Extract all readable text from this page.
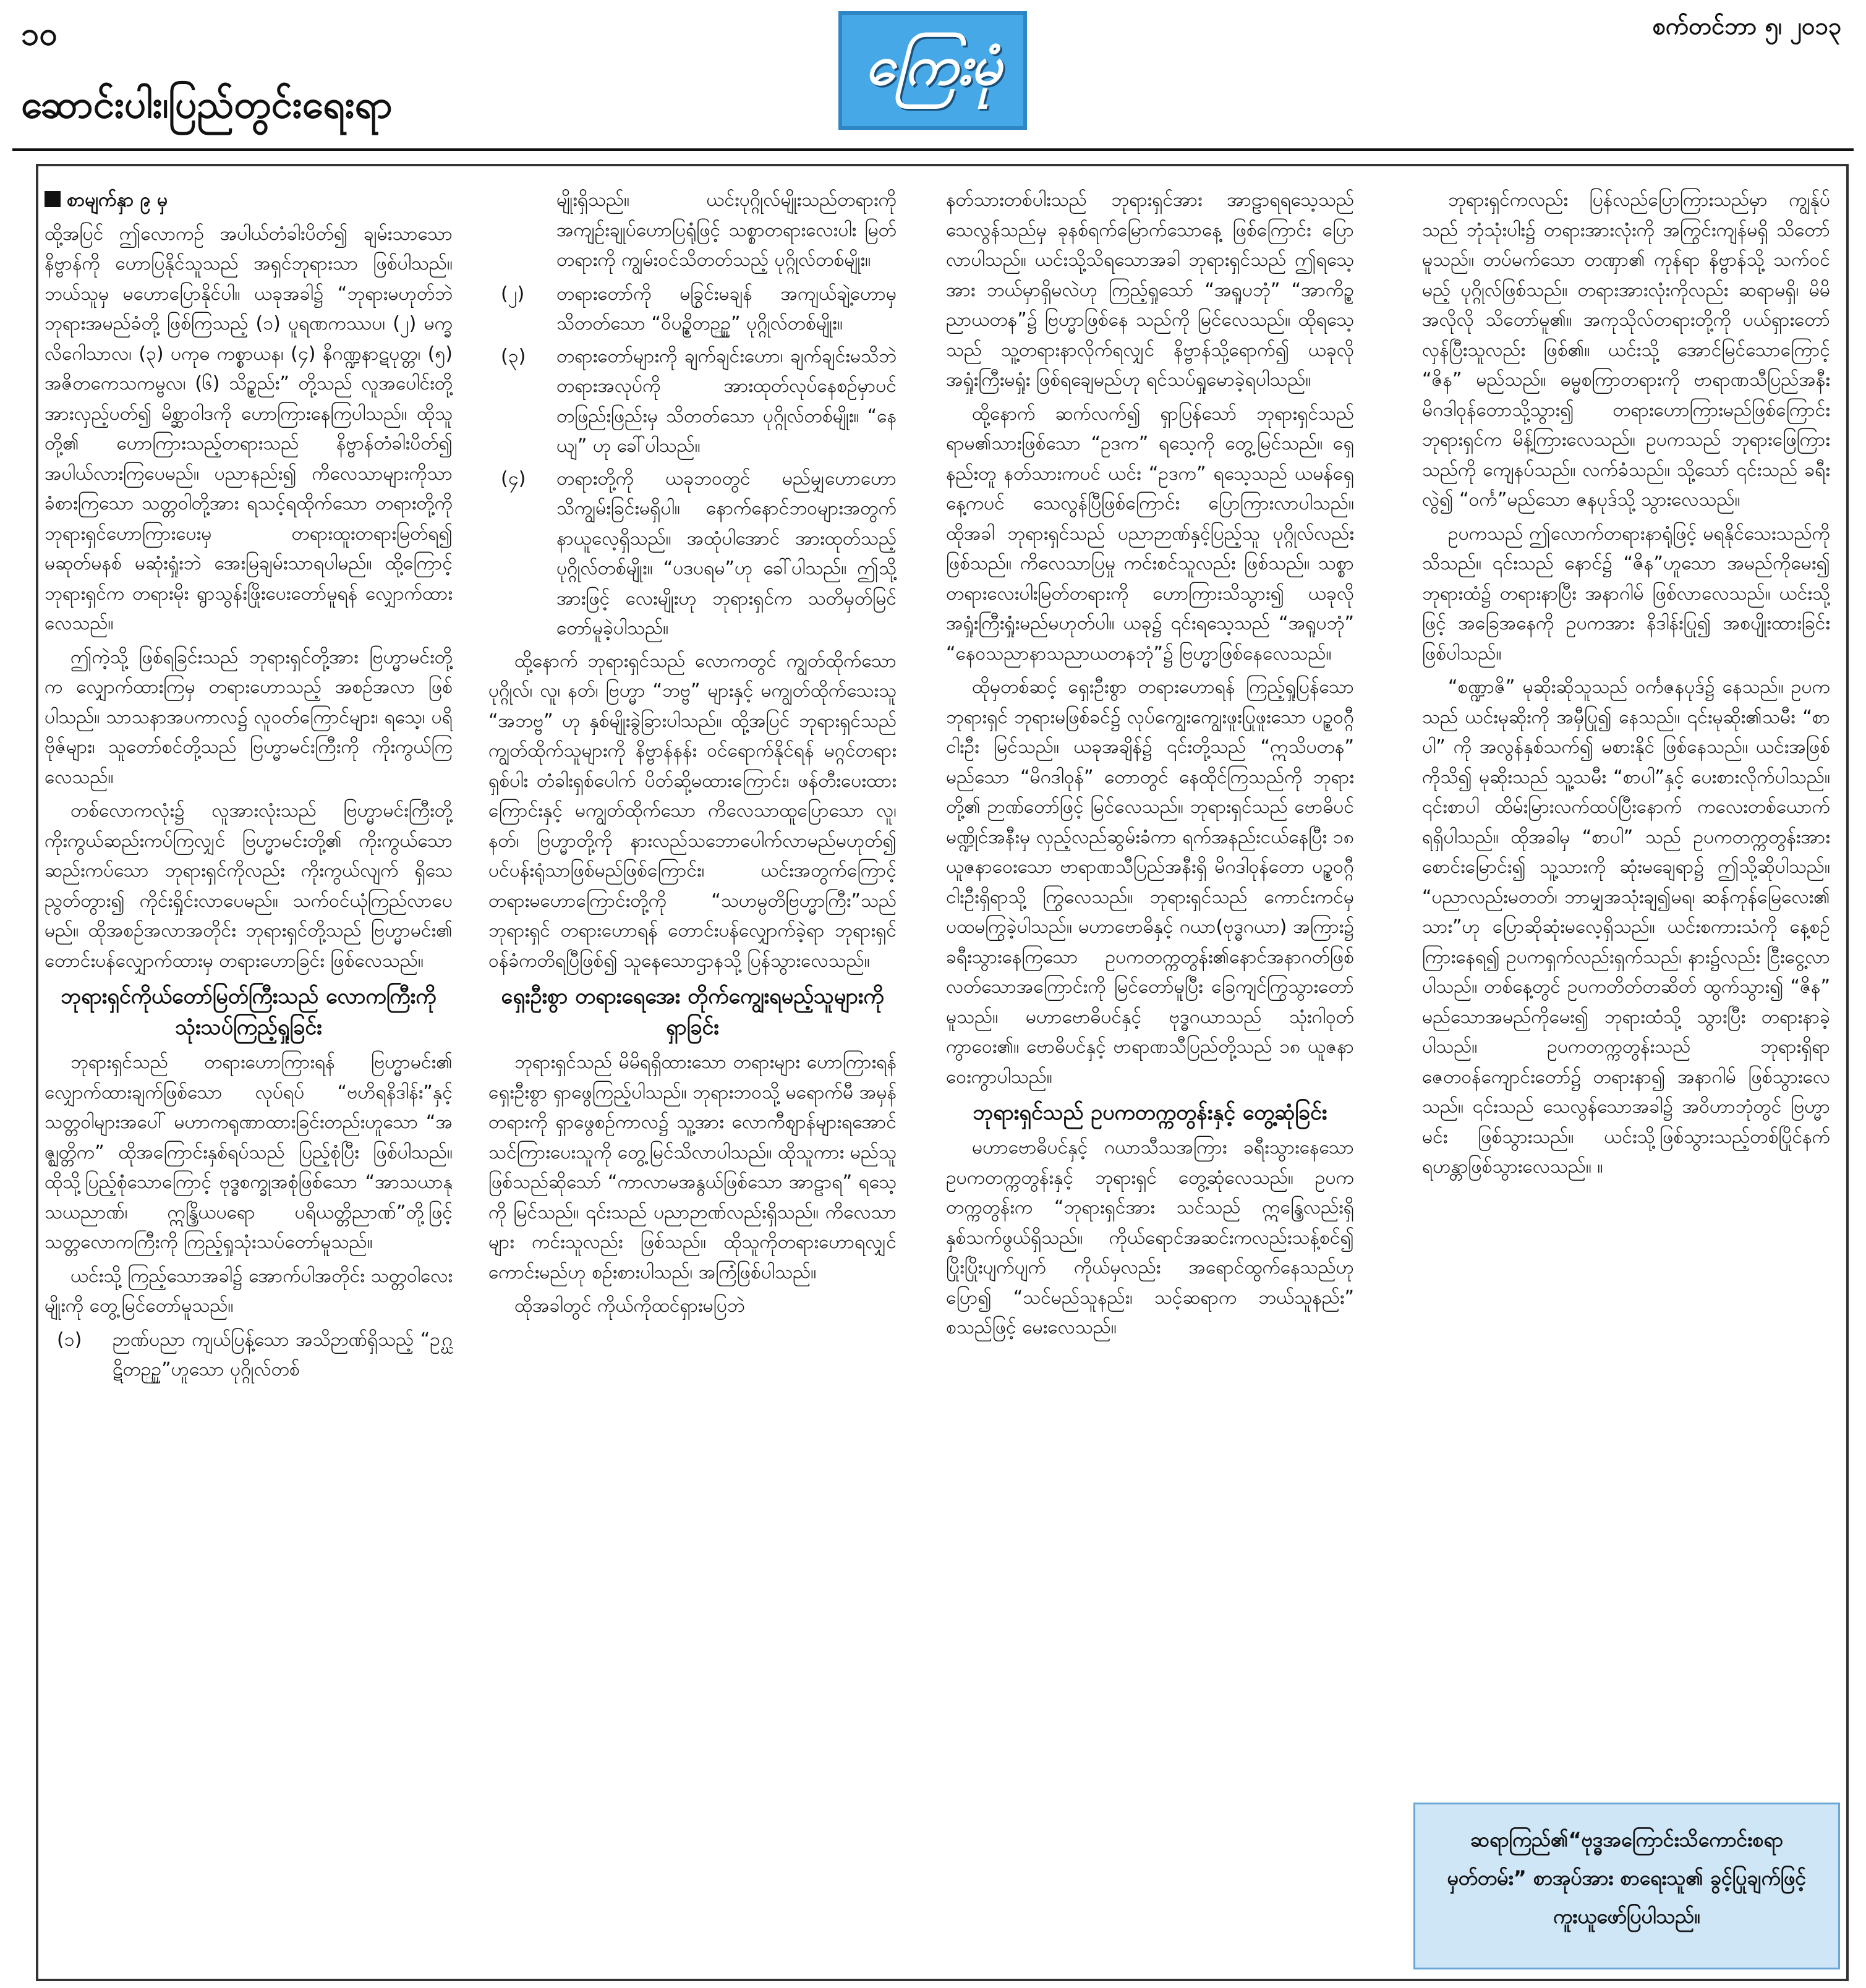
၁၀	ကြေးမုံ
စက်တင်ဘာ ၅၊ ၂၀၁၃
ဆောင်းပါး၊ပြည်တွင်းရေးရာ

စာမျက်နှာ ၉ မှ

ထို့အပြင် ဤလောကဥ် အပါယ်တံခါးပိတ်၍ ချမ်းသာသော နိဗ္ဗာန်ကို ဟောပြနိုင်သူသည် အရှင်ဘုရားသာ ဖြစ်ပါသည်။ ဘယ်သူမှ မဟောပြောနိုင်ပါ။ ယခုအခါ၌ “ဘုရားမဟုတ်ဘဲ ဘုရားအမည်ခံတို့ ဖြစ်ကြသည့် (၁) ပူရဏကဿပ၊ (၂) မက္ခလိဂေါသာလ၊ (၃) ပကုဓ ကစ္စာယန၊ (၄) နိဂဏ္ဍနာဋပုတ္တ၊ (၅) အဇိတကေသကမ္ဗလ၊ (၆) သိဥ္စည်း” တို့သည် လူအပေါင်းတို့အားလှည့်ပတ်၍ မိစ္ဆာဝါဒကို ဟောကြားနေကြပါသည်။ ထိုသူတို့၏ ဟောကြားသည့်တရားသည် နိဗ္ဗာန်တံခါးပိတ်၍ အပါယ်လားကြပေမည်။ ပညာနည်း၍ ကိလေသာများကိုသာ ခံစားကြသော သတ္တဝါတို့အား ရသင့်ရထိုက်သော တရားတို့ကို ဘုရားရှင်ဟောကြားပေးမှ တရားထူးတရားမြတ်ရ၍ မဆုတ်မနစ် မဆုံးရှုံးဘဲ အေးမြချမ်းသာရပါမည်။ ထို့ကြောင့် ဘုရားရှင်က တရားမိုး ရွာသွန်းဖြိုးပေးတော်မူရန် လျှောက်ထားလေသည်။

ဤကဲ့သို့ ဖြစ်ရခြင်းသည် ဘုရားရှင်တို့အား ဗြဟ္မာမင်းတို့က လျှောက်ထားကြမှ တရားဟောသည့် အစဉ်အလာ ဖြစ်ပါသည်။ သာသနာအပကာလ၌ လူဝတ်ကြောင်များ၊ ရသေ့၊ ပရိဗိုဇ်များ၊ သူတော်စင်တို့သည် ဗြဟ္မာမင်းကြီးကို ကိုးကွယ်ကြလေသည်။

တစ်လောကလုံး၌ လူအားလုံးသည် ဗြဟ္မာမင်းကြီးတို့ ကိုးကွယ်ဆည်းကပ်ကြလျှင် ဗြဟ္မာမင်းတို့၏ ကိုးကွယ်သော ဆည်းကပ်သော ဘုရားရှင်ကိုလည်း ကိုးကွယ်လျက် ရှိသေညွတ်တွား၍ ကိုင်းရှိုင်းလာပေမည်။ သက်ဝင်ယုံကြည်လာပေမည်။ ထိုအစဉ်အလာအတိုင်း ဘုရားရှင်တို့သည် ဗြဟ္မာမင်း၏ တောင်းပန်လျှောက်ထားမှ တရားဟောခြင်း ဖြစ်လေသည်။

ဘုရားရှင်ကိုယ်တော်မြတ်ကြီးသည် လောကကြီးကို သုံးသပ်ကြည့်ရှုခြင်း

ဘုရားရှင်သည် တရားဟောကြားရန် ဗြဟ္မာမင်း၏ လျှောက်ထားချက်ဖြစ်သော လုပ်ရပ် “ဗဟိရနိဒါန်း”နှင့် သတ္တဝါများအပေါ် မဟာကရုဏာထားခြင်းတည်းဟူသော “အဇ္ဈတ္တိက” ထိုအကြောင်းနှစ်ရပ်သည် ပြည့်စုံပြီး ဖြစ်ပါသည်။ ထိုသို့ပြည့်စုံသောကြောင့် ဗုဒ္ဓစက္ခုအစုံဖြစ်သော “အာသယာနုသယညာဏ်၊ ဣန္ဒြိယပရော ပရိယတ္တိညာဏ်”တို့ဖြင့် သတ္တလောကကြီးကို ကြည့်ရှုသုံးသပ်တော်မူသည်။

ယင်းသို့ ကြည့်သောအခါ၌ အောက်ပါအတိုင်း သတ္တဝါလေးမျိုးကို တွေ့မြင်တော်မူသည်။

(၁)	ဉာဏ်ပညာ ကျယ်ပြန့်သော အသိဉာဏ်ရှိသည့် “ဥဂ္ဃဋိတဉ္ဉူ”ဟူသော ပုဂ္ဂိုလ်တစ်

မျိုးရှိသည်။ ယင်းပုဂ္ဂိုလ်မျိုးသည်တရားကို အကျဉ်းချုပ်ဟောပြရုံဖြင့် သစ္စာတရားလေးပါး မြတ်တရားကို ကျွမ်းဝင်သိတတ်သည့် ပုဂ္ဂိုလ်တစ်မျိုး။

(၂)	တရားတော်ကို မခြွင်းမချန် အကျယ်ချဲ့ဟောမှ သိတတ်သော “ဝိပဉ္စိတဉ္ဉူ” ပုဂ္ဂိုလ်တစ်မျိုး။
(၃)	တရားတော်များကို ချက်ချင်းဟော၊ ချက်ချင်းမသိဘဲ တရားအလုပ်ကို အားထုတ်လုပ်နေစဉ်မှာပင် တဖြည်းဖြည်းမှ သိတတ်သော ပုဂ္ဂိုလ်တစ်မျိုး။ “နေယျ” ဟု ခေါ်ပါသည်။
(၄)	တရားတို့ကို ယခုဘဝတွင် မည်မျှဟောဟော သိကျွမ်းခြင်းမရှိပါ။ နောက်နောင်ဘဝများအတွက် နာယူလေ့ရှိသည်။ အထုံပါအောင် အားထုတ်သည့် ပုဂ္ဂိုလ်တစ်မျိုး။ “ပဒပရမ”ဟု ခေါ်ပါသည်။ ဤသို့အားဖြင့် လေးမျိုးဟု ဘုရားရှင်က သတိမှတ်မြင်တော်မူခဲ့ပါသည်။

ထို့နောက် ဘုရားရှင်သည် လောကတွင် ကျွတ်ထိုက်သော ပုဂ္ဂိုလ်၊ လူ၊ နတ်၊ ဗြဟ္မာ “ဘဗ္ဗ” များနှင့် မကျွတ်ထိုက်သေးသူ “အဘဗ္ဗ” ဟု နှစ်မျိုးခွဲခြားပါသည်။ ထို့အပြင် ဘုရားရှင်သည် ကျွတ်ထိုက်သူများကို နိဗ္ဗာန်နန်း ဝင်ရောက်နိုင်ရန် မဂ္ဂင်တရားရှစ်ပါး တံခါးရှစ်ပေါက် ပိတ်ဆို့မထားကြောင်း၊ ဖန်တီးပေးထားကြောင်းနှင့် မကျွတ်ထိုက်သော ကိလေသာထူပြောသော လူ၊ နတ်၊ ဗြဟ္မာတို့ကို နားလည်သဘောပေါက်လာမည်မဟုတ်၍ ပင်ပန်းရုံသာဖြစ်မည်ဖြစ်ကြောင်း၊ ယင်းအတွက်ကြောင့် တရားမဟောကြောင်းတို့ကို “သဟမ္ပတိဗြဟ္မာကြီး”သည် ဘုရားရှင် တရားဟောရန် တောင်းပန်လျှောက်ခဲ့ရာ ဘုရားရှင် ဝန်ခံကတိရပြီဖြစ်၍ သူနေသောဌာနသို့ ပြန်သွားလေသည်။

ရှေးဦးစွာ တရားရေအေး တိုက်ကျွေးရမည့်သူများကို ရှာခြင်း

ဘုရားရှင်သည် မိမိရရှိထားသော တရားများ ဟောကြားရန် ရှေးဦးစွာ ရှာဖွေကြည့်ပါသည်။ ဘုရားဘဝသို့ မရောက်မီ အမှန်တရားကို ရှာဖွေစဉ်ကာလ၌ သူ့အား လောကီစျာန်များရအောင် သင်ကြားပေးသူကို တွေ့မြင်သိလာပါသည်။ ထိုသူကား မည်သူဖြစ်သည်ဆိုသော် “ကာလာမအနွယ်ဖြစ်သော အာဠာရ” ရသေ့ကို မြင်သည်။ ၎င်းသည် ပညာဉာဏ်လည်းရှိသည်။ ကိလေသာများ ကင်းသူလည်း ဖြစ်သည်။ ထိုသူကိုတရားဟောရလျှင် ကောင်းမည်ဟု စဉ်းစားပါသည်၊ အကြံဖြစ်ပါသည်။

ထိုအခါတွင် ကိုယ်ကိုထင်ရှားမပြဘဲ

နတ်သားတစ်ပါးသည် ဘုရားရှင်အား အာဠာရရသေ့သည်သေလွန်သည်မှ ခုနစ်ရက်မြောက်သောနေ့ ဖြစ်ကြောင်း ပြောလာပါသည်။ ယင်းသို့သိရသောအခါ ဘုရားရှင်သည် ဤရသေ့အား ဘယ်မှာရှိမလဲဟု ကြည့်ရှုသော် “အရူပဘုံ” “အာကိဉ္စညာယတန”၌ ဗြဟ္မာဖြစ်နေ သည်ကို မြင်လေသည်။ ထိုရသေ့သည် သူ့တရားနာလိုက်ရလျှင် နိဗ္ဗာန်သို့ရောက်၍ ယခုလို အရှုံးကြီးမရှုံး ဖြစ်ရချေမည်ဟု ရင်သပ်ရှုမောခဲ့ရပါသည်။

ထို့နောက် ဆက်လက်၍ ရှာပြန်သော် ဘုရားရှင်သည် ရာမ၏သားဖြစ်သော “ဥဒက” ရသေ့ကို တွေ့မြင်သည်။ ရှေ့နည်းတူ နတ်သားကပင် ယင်း “ဥဒက” ရသေ့သည် ယမန်ရှေ့နေ့ကပင် သေလွန်ပြီဖြစ်ကြောင်း ပြောကြားလာပါသည်။ ထိုအခါ ဘုရားရှင်သည် ပညာဉာဏ်နှင့်ပြည့်သူ ပုဂ္ဂိုလ်လည်း ဖြစ်သည်။ ကိလေသာပြမှု ကင်းစင်သူလည်း ဖြစ်သည်။ သစ္စာတရားလေးပါးမြတ်တရားကို ဟောကြားသိသွား၍ ယခုလို အရှုံးကြီးရှုံးမည်မဟုတ်ပါ။ ယခု၌ ၎င်းရသေ့သည် “အရူပဘုံ” “နေဝသညာနာသညာယတနဘုံ”၌ ဗြဟ္မာဖြစ်နေလေသည်။

ထိုမှတစ်ဆင့် ရှေးဦးစွာ တရားဟောရန် ကြည့်ရှုပြန်သော ဘုရားရှင် ဘုရားမဖြစ်ခင်၌ လုပ်ကျွေးကျွေးဖူးပြုဖူးသော ပဉ္စဝဂ္ဂီငါးဦး မြင်သည်။ ယခုအချိန်၌ ၎င်းတို့သည် “ဣသိပတန” မည်သော “မိဂဒါဝုန်” တောတွင် နေထိုင်ကြသည်ကို ဘုရားတို့၏ ဉာဏ်တော်ဖြင့် မြင်လေသည်။ ဘုရားရှင်သည် ဗောဓိပင်မဏ္ဍိုင်အနီးမှ လှည့်လည်ဆွမ်းခံကာ ရက်အနည်းငယ်နေပြီး ၁၈ ယူဇနာဝေးသော ဗာရာဏသီပြည်အနီးရှိ မိဂဒါဝုန်တော ပဉ္စဝဂ္ဂီငါးဦးရှိရာသို့ ကြွလေသည်။ ဘုရားရှင်သည် ကောင်းကင်မှ ပထမကြွခဲ့ပါသည်။ မဟာဗောဓိနှင့် ဂယာ(ဗုဒ္ဓဂယာ) အကြား၌ ခရီးသွားနေကြသော ဥပကတက္ကတွန်း၏နောင်အနာဂတ်ဖြစ်လတ်သောအကြောင်းကို မြင်တော်မူပြီး ခြေကျင်ကြွသွားတော်မူသည်။ မဟာဗောဓိပင်နှင့် ဗုဒ္ဓဂယာသည် သုံးဂါဝုတ်ကွာဝေး၏။ ဗောဓိပင်နှင့် ဗာရာဏသီပြည်တို့သည် ၁၈ ယူဇနာ ဝေးကွာပါသည်။

ဘုရားရှင်သည် ဥပကတက္ကတွန်းနှင့် တွေ့ဆုံခြင်း

မဟာဗောဓိပင်နှင့် ဂယာသီသအကြား ခရီးသွားနေသော ဥပကတက္ကတွန်းနှင့် ဘုရားရှင် တွေ့ဆုံလေသည်။ ဥပကတက္ကတွန်းက “ဘုရားရှင်အား သင်သည် ဣန္ဒြေလည်းရှိ နှစ်သက်ဖွယ်ရှိသည်။ ကိုယ်ရောင်အဆင်းကလည်းသန့်စင်၍ ပြိုးပြိုးပျက်ပျက် ကိုယ်မှလည်း အရောင်ထွက်နေသည်ဟုပြော၍ “သင်မည်သူနည်း၊ သင့်ဆရာက ဘယ်သူနည်း” စသည်ဖြင့် မေးလေသည်။

ဘုရားရှင်ကလည်း ပြန်လည်ပြောကြားသည်မှာ ကျွန်ုပ်သည် ဘုံသုံးပါး၌ တရားအားလုံးကို အကြွင်းကျန်မရှိ သိတော်မူသည်။ တပ်မက်သော တဏှာ၏ ကုန်ရာ နိဗ္ဗာန်သို့ သက်ဝင်မည့် ပုဂ္ဂိုလ်ဖြစ်သည်။ တရားအားလုံးကိုလည်း ဆရာမရှိ၊ မိမိအလိုလို သိတော်မူ၏။ အကုသိုလ်တရားတို့ကို ပယ်ရှားတော်လှန်ပြီးသူလည်း ဖြစ်၏။ ယင်းသို့ အောင်မြင်သောကြောင့် “ဇိန” မည်သည်။ ဓမ္မစကြာတရားကို ဗာရာဏသီပြည်အနီး မိဂဒါဝုန်တောသို့သွား၍ တရားဟောကြားမည်ဖြစ်ကြောင်း ဘုရားရှင်က မိန့်ကြားလေသည်။ ဥပကသည် ဘုရားဖြေကြားသည်ကို ကျေနပ်သည်။ လက်ခံသည်။ သို့သော် ၎င်းသည် ခရီးလွဲ၍ “ဝင်္က”မည်သော ဇနပုဒ်သို့ သွားလေသည်။

ဥပကသည် ဤလောက်တရားနာရုံဖြင့် မရနိုင်သေးသည်ကို သိသည်။ ၎င်းသည် နောင်၌ “ဇိန”ဟူသော အမည်ကိုမေး၍ ဘုရားထံ၌ တရားနာပြီး အနာဂါမ် ဖြစ်လာလေသည်။ ယင်းသို့ဖြင့် အခြေအနေကို ဥပကအား နိဒါန်းပြု၍ အစပျိုးထားခြင်း ဖြစ်ပါသည်။

“စဏ္ဍာဇိ” မုဆိုးဆိုသူသည် ဝင်္ကဇနပုဒ်၌ နေသည်။ ဥပကသည် ယင်းမုဆိုးကို အမှီပြု၍ နေသည်။ ၎င်းမုဆိုး၏သမီး “စာပါ” ကို အလွန်နှစ်သက်၍ မစားနိုင် ဖြစ်နေသည်။ ယင်းအဖြစ်ကိုသိ၍ မုဆိုးသည် သူ့သမီး “စာပါ”နှင့် ပေးစားလိုက်ပါသည်။ ၎င်းစာပါ ထိမ်းမြားလက်ထပ်ပြီးနောက် ကလေးတစ်ယောက် ရရှိပါသည်။ ထိုအခါမှ “စာပါ” သည် ဥပကတက္ကတွန်းအား စောင်းမြောင်း၍ သူ့သားကို ဆုံးမချေရာ၌ ဤသို့ဆိုပါသည်။ “ပညာလည်းမတတ်၊ ဘာမျှအသုံးချ၍မရ၊ ဆန်ကုန်မြေလေး၏ သား”ဟု ပြောဆိုဆုံးမလေ့ရှိသည်။ ယင်းစကားသံကို နေ့စဉ်ကြားနေရ၍ ဥပကရှက်လည်းရှက်သည်၊ နား၌လည်း ငြီးငွေ့လာပါသည်။ တစ်နေ့တွင် ဥပကတိတ်တဆိတ် ထွက်သွား၍ “ဇိန” မည်သောအမည်ကိုမေး၍ ဘုရားထံသို့ သွားပြီး တရားနာခဲ့ပါသည်။ ဥပကတက္ကတွန်းသည် ဘုရားရှိရာ ဇေတဝန်ကျောင်းတော်၌ တရားနာ၍ အနာဂါမ် ဖြစ်သွားလေသည်။ ၎င်းသည် သေလွန်သောအခါ၌ အဝိဟာဘုံတွင် ဗြဟ္မာမင်း ဖြစ်သွားသည်။ ယင်းသို့ဖြစ်သွားသည့်တစ်ပြိုင်နက် ရဟန္တာဖြစ်သွားလေသည်။ ။

ဆရာကြည်၏“ဗုဒ္ဓအကြောင်းသိကောင်းစရာမှတ်တမ်း” စာအုပ်အား စာရေးသူ၏ ခွင့်ပြုချက်ဖြင့် ကူးယူဖော်ပြပါသည်။
